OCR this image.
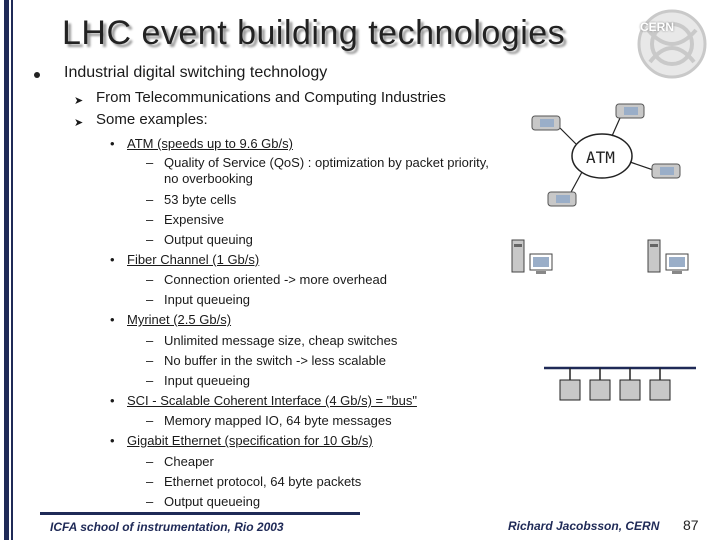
LHC event building technologies	CERN
Industrial digital switching technology
➤ From Telecommunications and Computing Industries
➤ Some examples:
• ATM (speeds up to 9.6 Gb/s)
– Quality of Service (QoS) : optimization by packet priority,
no overbooking
– 53 byte cells
– Expensive
– Output queuing
• Fiber Channel (1 Gb/s)
– Connection oriented -> more overhead
– Input queueing
• Myrinet (2.5 Gb/s)
– Unlimited message size, cheap switches
– No buffer in the switch -> less scalable
– Input queueing
• SCI - Scalable Coherent Interface (4 Gb/s) = "bus"
– Memory mapped IO, 64 byte messages
• Gigabit Ethernet (specification for 10 Gb/s)
– Cheaper
– Ethernet protocol, 64 byte packets
– Output queueing
ATM
ICFA school of instrumentation, Rio 2003	Richard Jacobsson, CERN 87
